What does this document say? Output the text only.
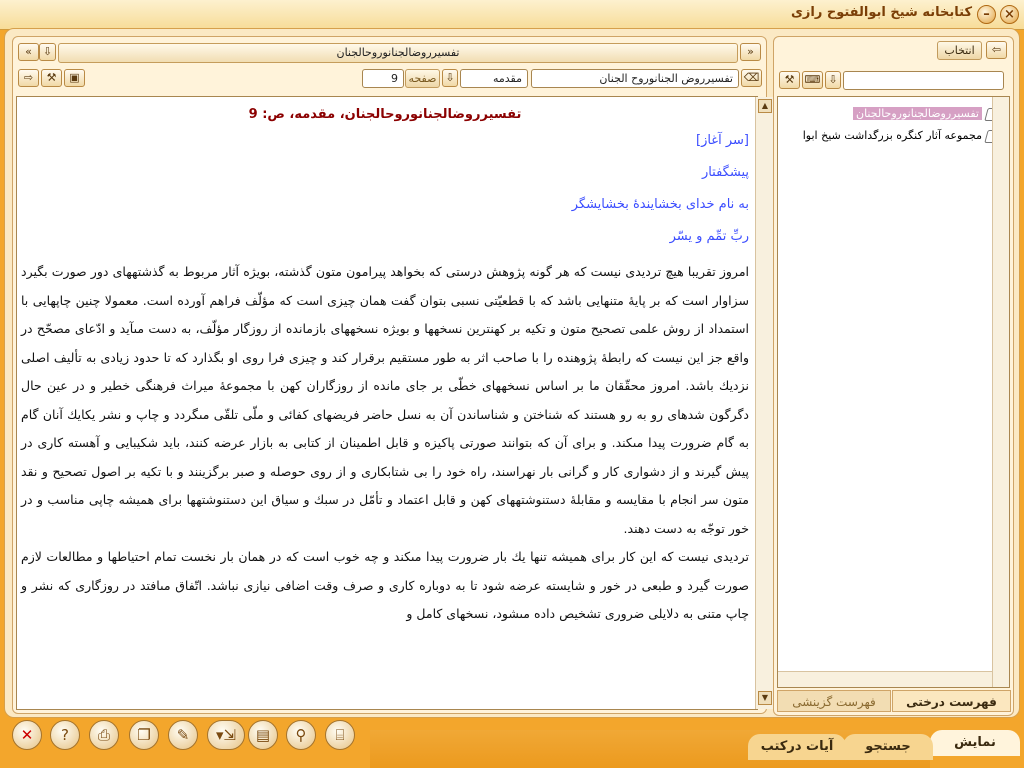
كتابخانه شيخ ابوالفتوح رازى –	×
«	⇩	تفسيرروض‏الجنان‏وروح‏الجنان	»
⇨	⚒	▣	9 صفحه ⇩	مقدمه	تفسيرروض الجنان‏وروح الجنان ⌫
تفسيرروض‏الجنان‏وروح‏الجنان، مقدمه، ص: 9
[سر آغاز]
پيشگفتار
به نام خداى بخشايندۀ بخشايشگر
ربِّ تمِّم و يسّر

امروز تقريبا هيچ ترديدى نيست كه هر گونه پژوهش درستى كه بخواهد پيرامون متون گذشته، بويژه آثار مربوط به گذشته‏هاى دور صورت بگيرد سزاوار است كه بر پايۀ متنهايى باشد كه با قطعيّتى نسبى بتوان گفت همان چيزى است كه مؤلّف فراهم آورده است. معمولا چنين چاپهايى با استمداد از روش علمى تصحيح متون و تكيه بر كهنترين نسخه‏ها و بويژه نسخه‏هاى بازمانده از روزگار مؤلّف، به دست مى‏آيد و ادّعاى مصحّح در واقع جز اين نيست كه رابطۀ پژوهنده را با صاحب اثر به طور مستقيم برقرار كند و چيزى فرا روى او بگذارد كه تا حدود زيادى به تأليف اصلى نزديك باشد. امروز محقّقان ما بر اساس نسخه‏هاى خطّى بر جاى مانده از روزگاران كهن با مجموعۀ ميراث فرهنگى خطير و در عين حال دگرگون شده‏اى رو به رو هستند كه شناختن و شناساندن آن به نسل حاضر فريضه‏اى كفائى و ملّى تلقّى مى‏گردد و چاپ و نشر يكايك آنان گام به گام ضرورت پيدا مى‏كند. و براى آن كه بتوانند صورتى پاكيزه و قابل اطمينان از كتابى به بازار عرضه كنند، بايد شكيبايى و آهسته كارى در پيش گيرند و از دشوارى كار و گرانى بار نهراسند، راه خود را بى شتابكارى و از روى حوصله و صبر برگزينند و با تكيه بر اصول تصحيح و نقد متون سر انجام با مقايسه و مقابلۀ دستنوشته‏هاى كهن و قابل اعتماد و تأمّل در سبك و سياق اين دستنوشته‏ها براى هميشه چاپى مناسب و در خور توجّه به دست دهند.

ترديدى نيست كه اين كار براى هميشه تنها يك بار ضرورت پيدا مى‏كند و چه خوب است كه در همان بار نخست تمام احتياطها و مطالعات لازم صورت گيرد و طبعى در خور و شايسته عرضه شود تا به دوباره كارى و صرف وقت اضافى نيازى نباشد. اتّفاق مى‏افتد در روزگارى كه نشر و چاپ متنى به دلايلى ضرورى تشخيص داده مى‏شود، نسخه‏اى كامل و

▲
▼
⇦
انتخاب
⚒ ⌨ ⇩
تفسيرروض‏الجنان‏وروح‏الجنان
مجموعه آثار كنگره بزرگداشت شيخ ابوا
فهرست درختى
فهرست گزينشى
✕	?	⎙	❐	✎	▾⇲	▤	⚲	⌸	نمايش
جستجو
آيات دركتب
